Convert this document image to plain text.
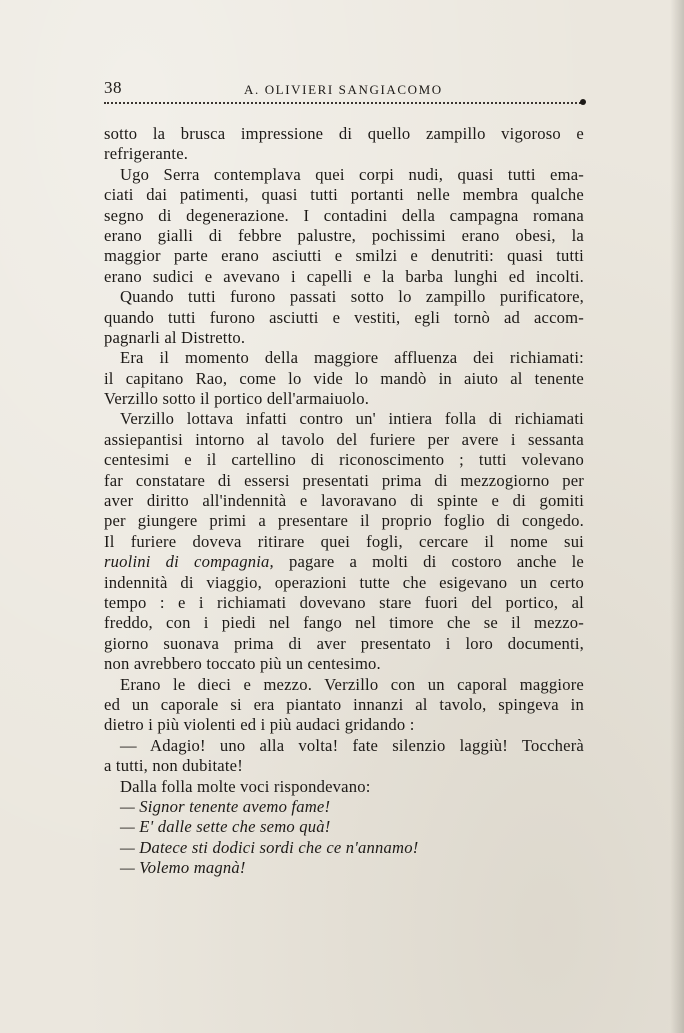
38	A. OLIVIERI SANGIACOMO
sotto la brusca impressione di quello zampillo vigoroso e
refrigerante.
Ugo Serra contemplava quei corpi nudi, quasi tutti ema-
ciati dai patimenti, quasi tutti portanti nelle membra qualche
segno di degenerazione. I contadini della campagna romana
erano gialli di febbre palustre, pochissimi erano obesi, la
maggior parte erano asciutti e smilzi e denutriti: quasi tutti
erano sudici e avevano i capelli e la barba lunghi ed incolti.
Quando tutti furono passati sotto lo zampillo purificatore,
quando tutti furono asciutti e vestiti, egli tornò ad accom-
pagnarli al Distretto.
Era il momento della maggiore affluenza dei richiamati:
il capitano Rao, come lo vide lo mandò in aiuto al tenente
Verzillo sotto il portico dell'armaiuolo.
Verzillo lottava infatti contro un' intiera folla di richiamati
assiepantisi intorno al tavolo del furiere per avere i sessanta
centesimi e il cartellino di riconoscimento ; tutti volevano
far constatare di essersi presentati prima di mezzogiorno per
aver diritto all'indennità e lavoravano di spinte e di gomiti
per giungere primi a presentare il proprio foglio di congedo.
Il furiere doveva ritirare quei fogli, cercare il nome sui
ruolini di compagnia, pagare a molti di costoro anche le
indennità di viaggio, operazioni tutte che esigevano un certo
tempo : e i richiamati dovevano stare fuori del portico, al
freddo, con i piedi nel fango nel timore che se il mezzo-
giorno suonava prima di aver presentato i loro documenti,
non avrebbero toccato più un centesimo.
Erano le dieci e mezzo. Verzillo con un caporal maggiore
ed un caporale si era piantato innanzi al tavolo, spingeva in
dietro i più violenti ed i più audaci gridando :
— Adagio! uno alla volta! fate silenzio laggiù! Toccherà
a tutti, non dubitate!
Dalla folla molte voci rispondevano:
— Signor tenente avemo fame!
— E' dalle sette che semo quà!
— Datece sti dodici sordi che ce n'annamo!
— Volemo magnà!
